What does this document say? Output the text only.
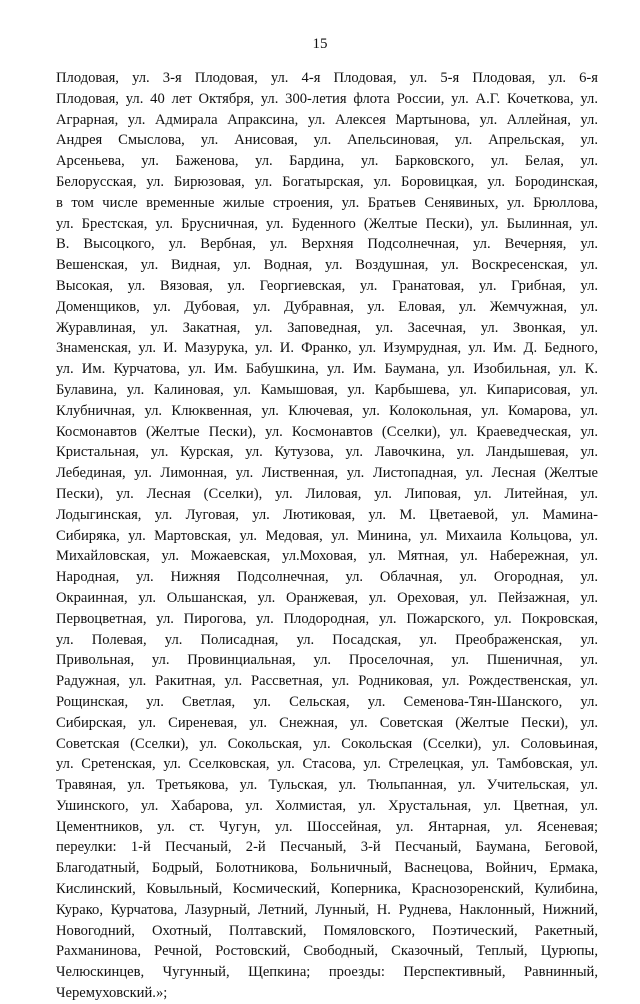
15
Плодовая, ул. 3-я Плодовая, ул. 4-я Плодовая, ул. 5-я Плодовая, ул. 6-я
Плодовая, ул. 40 лет Октября, ул. 300-летия флота России, ул. А.Г. Кочеткова, ул.
Аграрная, ул. Адмирала Апраксина, ул. Алексея Мартынова, ул. Аллейная, ул.
Андрея Смыслова, ул. Анисовая, ул. Апельсиновая, ул. Апрельская, ул.
Арсеньева, ул. Баженова, ул. Бардина, ул. Барковского, ул. Белая, ул.
Белорусская, ул. Бирюзовая, ул. Богатырская, ул. Боровицкая, ул. Бородинская,
в том числе временные жилые строения, ул. Братьев Сенявиных, ул. Брюллова,
ул. Брестская, ул. Брусничная, ул. Буденного (Желтые Пески), ул. Былинная, ул.
В. Высоцкого, ул. Вербная, ул. Верхняя Подсолнечная, ул. Вечерняя, ул.
Вешенская, ул. Видная, ул. Водная, ул. Воздушная, ул. Воскресенская, ул.
Высокая, ул. Вязовая, ул. Георгиевская, ул. Гранатовая, ул. Грибная, ул.
Доменщиков, ул. Дубовая, ул. Дубравная, ул. Еловая, ул. Жемчужная, ул.
Журавлиная, ул. Закатная, ул. Заповедная, ул. Засечная, ул. Звонкая, ул.
Знаменская, ул. И. Мазурука, ул. И. Франко, ул. Изумрудная, ул. Им. Д. Бедного,
ул. Им. Курчатова, ул. Им. Бабушкина, ул. Им. Баумана, ул. Изобильная, ул. К.
Булавина, ул. Калиновая, ул. Камышовая, ул. Карбышева, ул. Кипарисовая, ул.
Клубничная, ул. Клюквенная, ул. Ключевая, ул. Колокольная, ул. Комарова, ул.
Космонавтов (Желтые Пески), ул. Космонавтов (Сселки), ул. Краеведческая, ул.
Кристальная, ул. Курская, ул. Кутузова, ул. Лавочкина, ул. Ландышевая, ул.
Лебединая, ул. Лимонная, ул. Лиственная, ул. Листопадная, ул. Лесная (Желтые
Пески), ул. Лесная (Сселки), ул. Лиловая, ул. Липовая, ул. Литейная, ул.
Лодыгинская, ул. Луговая, ул. Лютиковая, ул. М. Цветаевой, ул. Мамина-
Сибиряка, ул. Мартовская, ул. Медовая, ул. Минина, ул. Михаила Кольцова, ул.
Михайловская, ул. Можаевская, ул.Моховая, ул. Мятная, ул. Набережная, ул.
Народная, ул. Нижняя Подсолнечная, ул. Облачная, ул. Огородная, ул.
Окраинная, ул. Ольшанская, ул. Оранжевая, ул. Ореховая, ул. Пейзажная, ул.
Первоцветная, ул. Пирогова, ул. Плодородная, ул. Пожарского, ул. Покровская,
ул. Полевая, ул. Полисадная, ул. Посадская, ул. Преображенская, ул.
Привольная, ул. Провинциальная, ул. Проселочная, ул. Пшеничная, ул.
Радужная, ул. Ракитная, ул. Рассветная, ул. Родниковая, ул. Рождественская, ул.
Рощинская, ул. Светлая, ул. Сельская, ул. Семенова-Тян-Шанского, ул.
Сибирская, ул. Сиреневая, ул. Снежная, ул. Советская (Желтые Пески), ул.
Советская (Сселки), ул. Сокольская, ул. Сокольская (Сселки), ул. Соловьиная,
ул. Сретенская, ул. Сселковская, ул. Стасова, ул. Стрелецкая, ул. Тамбовская, ул.
Травяная, ул. Третьякова, ул. Тульская, ул. Тюльпанная, ул. Учительская, ул.
Ушинского, ул. Хабарова, ул. Холмистая, ул. Хрустальная, ул. Цветная, ул.
Цементников, ул. ст. Чугун, ул. Шоссейная, ул. Янтарная, ул. Ясеневая;
переулки: 1-й Песчаный, 2-й Песчаный, 3-й Песчаный, Баумана, Беговой,
Благодатный, Бодрый, Болотникова, Больничный, Васнецова, Войнич, Ермака,
Кислинский, Ковыльный, Космический, Коперника, Краснозоренский, Кулибина,
Курако, Курчатова, Лазурный, Летний, Лунный, Н. Руднева, Наклонный, Нижний,
Новогодний, Охотный, Полтавский, Помяловского, Поэтический, Ракетный,
Рахманинова, Речной, Ростовский, Свободный, Сказочный, Теплый, Цурюпы,
Челюскинцев, Чугунный, Щепкина; проезды: Перспективный, Равнинный,
Черемуховский.»;
